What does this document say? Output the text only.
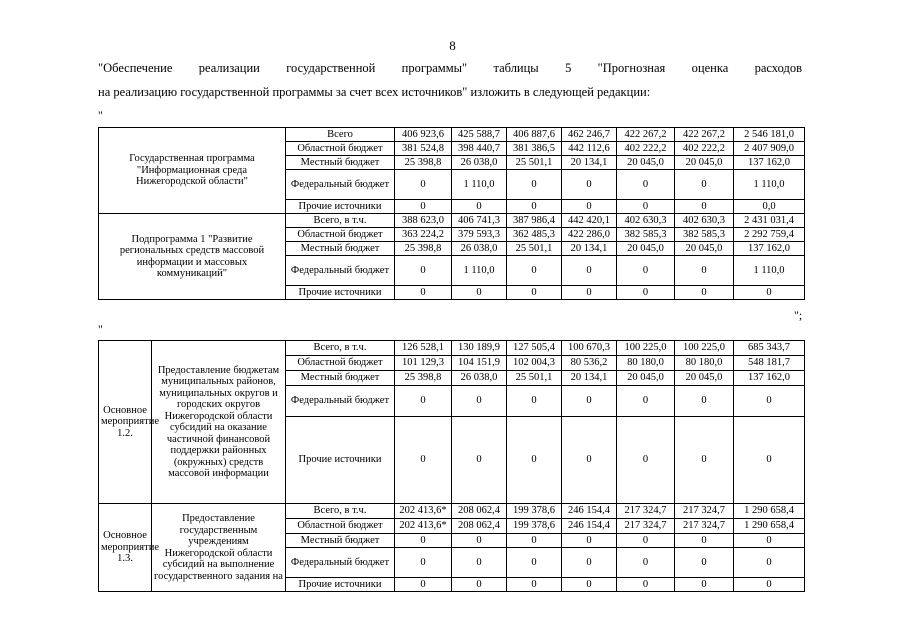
8
"Обеспечение реализации государственной программы" таблицы 5 "Прогнозная оценка расходов
на реализацию государственной программы за счет всех источников" изложить в следующей редакции:
"
";
"
Государственная программа "Информационная среда Нижегородской области"	Всего	406 923,6	425 588,7	406 887,6	462 246,7	422 267,2	422 267,2	2 546 181,0
	Областной бюджет	381 524,8	398 440,7	381 386,5	442 112,6	402 222,2	402 222,2	2 407 909,0
	Местный бюджет	25 398,8	26 038,0	25 501,1	20 134,1	20 045,0	20 045,0	137 162,0
	Федеральный бюджет	0	1 110,0	0	0	0	0	1 110,0
	Прочие источники	0	0	0	0	0	0	0,0
Подпрограмма 1 "Развитие региональных средств массовой информации и массовых коммуникаций"	Всего, в т.ч.	388 623,0	406 741,3	387 986,4	442 420,1	402 630,3	402 630,3	2 431 031,4
	Областной бюджет	363 224,2	379 593,3	362 485,3	422 286,0	382 585,3	382 585,3	2 292 759,4
	Местный бюджет	25 398,8	26 038,0	25 501,1	20 134,1	20 045,0	20 045,0	137 162,0
	Федеральный бюджет	0	1 110,0	0	0	0	0	1 110,0
	Прочие источники	0	0	0	0	0	0	0
Основное мероприятие 1.2.	Предоставление бюджетам муниципальных районов, муниципальных округов и городских округов Нижегородской области субсидий на оказание частичной финансовой поддержки районных (окружных) средств массовой информации	Всего, в т.ч.	126 528,1	130 189,9	127 505,4	100 670,3	100 225,0	100 225,0	685 343,7
		Областной бюджет	101 129,3	104 151,9	102 004,3	80 536,2	80 180,0	80 180,0	548 181,7
		Местный бюджет	25 398,8	26 038,0	25 501,1	20 134,1	20 045,0	20 045,0	137 162,0
		Федеральный бюджет	0	0	0	0	0	0	0
		Прочие источники	0	0	0	0	0	0	0
Основное мероприятие 1.3.	Предоставление государственным учреждениям Нижегородской области субсидий на выполнение государственного задания на	Всего, в т.ч.	202 413,6*	208 062,4	199 378,6	246 154,4	217 324,7	217 324,7	1 290 658,4
		Областной бюджет	202 413,6*	208 062,4	199 378,6	246 154,4	217 324,7	217 324,7	1 290 658,4
		Местный бюджет	0	0	0	0	0	0	0
		Федеральный бюджет	0	0	0	0	0	0	0
		Прочие источники	0	0	0	0	0	0	0
